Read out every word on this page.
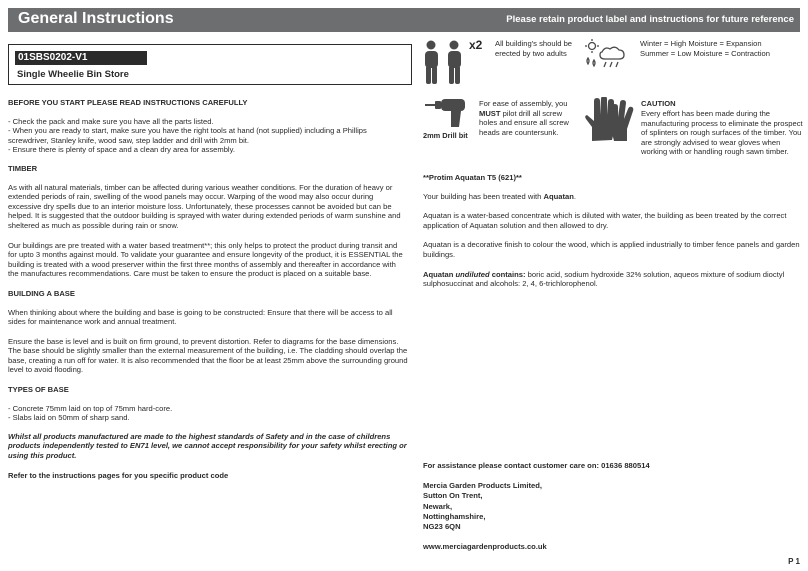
General Instructions	Please retain product label and instructions for future reference
01SBS0202-V1
Single Wheelie Bin Store
BEFORE YOU START PLEASE READ INSTRUCTIONS CAREFULLY
- Check the pack and make sure you have all the parts listed.
- When you are ready to start, make sure you have the right tools at hand (not supplied) including a Phillips screwdriver, Stanley knife, wood saw, step ladder and drill with 2mm bit.
- Ensure there is plenty of space and a clean dry area for assembly.
TIMBER
As with all natural materials, timber can be affected during various weather conditions. For the duration of heavy or extended periods of rain, swelling of the wood panels may occur. Warping of the wood may also occur during excessive dry spells due to an interior moisture loss. Unfortunately, these processes cannot be avoided but can be helped. It is suggested that the outdoor building is sprayed with water during extended periods of warm sunshine and sheltered as much as possible during rain or snow.
Our buildings are pre treated with a water based treatment**; this only helps to protect the product during transit and for upto 3 months against mould. To validate your guarantee and ensure longevity of the product, it is ESSENTIAL the building is treated with a wood preserver within the first three months of assembly and thereafter in accordance with the manufactures recommendations. Care must be taken to ensure the product is placed on a suitable base.
BUILDING A BASE
When thinking about where the building and base is going to be constructed: Ensure that there will be access to all sides for maintenance work and annual treatment.
Ensure the base is level and is built on firm ground, to prevent distortion. Refer to diagrams for the base dimensions. The base should be slightly smaller than the external measurement of the building, i.e. The cladding should overlap the base, creating a run off for water. It is also recommended that the floor be at least 25mm above the surrounding ground level to avoid flooding.
TYPES OF BASE
- Concrete 75mm laid on top of 75mm hard-core.
- Slabs laid on 50mm of sharp sand.
Whilst all products manufactured are made to the highest standards of Safety and in the case of childrens products independently tested to EN71 level, we cannot accept responsibility for your safety whilst erecting or using this product.
Refer to the instructions pages for you specific product code
x2 All building's should be erected by two adults
Winter = High Moisture = Expansion
Summer = Low Moisture = Contraction
2mm Drill bit
For ease of assembly, you MUST pilot drill all screw holes and ensure all screw heads are countersunk.
CAUTION
Every effort has been made during the manufacturing process to eliminate the prospect of splinters on rough surfaces of the timber. You are strongly advised to wear gloves when working with or handling rough sawn timber.
**Protim Aquatan T5 (621)**
Your building has been treated with Aquatan.
Aquatan is a water-based concentrate which is diluted with water, the building as been treated by the correct application of Aquatan solution and then allowed to dry.
Aquatan is a decorative finish to colour the wood, which is applied industrially to timber fence panels and garden buildings.
Aquatan undiluted contains: boric acid, sodium hydroxide 32% solution, aqueos mixture of sodium dioctyl sulphosuccinat and alcohols: 2, 4, 6-trichlorophenol.
For assistance please contact customer care on: 01636 880514
Mercia Garden Products Limited,
Sutton On Trent,
Newark,
Nottinghamshire,
NG23 6QN
www.merciagardenproducts.co.uk
P 1
